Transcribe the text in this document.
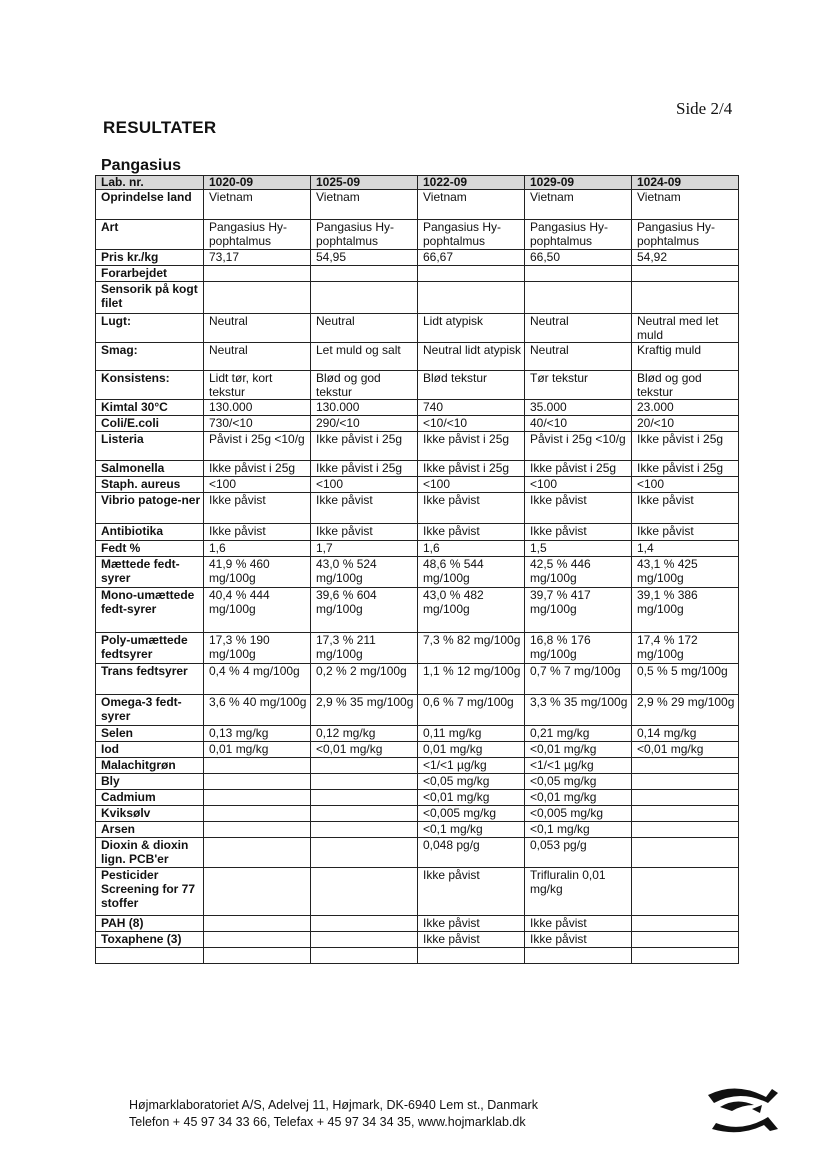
Side 2/4
RESULTATER
Pangasius
Lab. nr.	1020-09	1025-09	1022-09	1029-09	1024-09
Oprindelse land	Vietnam	Vietnam	Vietnam	Vietnam	Vietnam
Art	Pangasius Hy-pophtalmus	Pangasius Hy-pophtalmus	Pangasius Hy-pophtalmus	Pangasius Hy-pophtalmus	Pangasius Hy-pophtalmus
Pris kr./kg	73,17	54,95	66,67	66,50	54,92
Forarbejdet					
Sensorik på kogt filet					
Lugt:	Neutral	Neutral	Lidt atypisk	Neutral	Neutral med let muld
Smag:	Neutral	Let muld og salt	Neutral lidt atypisk	Neutral	Kraftig muld
Konsistens:	Lidt tør, kort tekstur	Blød og god tekstur	Blød tekstur	Tør tekstur	Blød og god tekstur
Kimtal 30°C	130.000	130.000	740	35.000	23.000
Coli/E.coli	730/<10	290/<10	<10/<10	40/<10	20/<10
Listeria	Påvist i 25g <10/g	Ikke påvist i 25g	Ikke påvist i 25g	Påvist i 25g <10/g	Ikke påvist i 25g
Salmonella	Ikke påvist i 25g	Ikke påvist i 25g	Ikke påvist i 25g	Ikke påvist i 25g	Ikke påvist i 25g
Staph. aureus	<100	<100	<100	<100	<100
Vibrio patoge-ner	Ikke påvist	Ikke påvist	Ikke påvist	Ikke påvist	Ikke påvist
Antibiotika	Ikke påvist	Ikke påvist	Ikke påvist	Ikke påvist	Ikke påvist
Fedt %	1,6	1,7	1,6	1,5	1,4
Mættede fedt-syrer	41,9 % 460 mg/100g	43,0 % 524 mg/100g	48,6 % 544 mg/100g	42,5 % 446 mg/100g	43,1 % 425 mg/100g
Mono-umættede fedt-syrer	40,4 % 444 mg/100g	39,6 % 604 mg/100g	43,0 % 482 mg/100g	39,7 % 417 mg/100g	39,1 % 386 mg/100g
Poly-umættede fedtsyrer	17,3 % 190 mg/100g	17,3 % 211 mg/100g	7,3 % 82 mg/100g	16,8 % 176 mg/100g	17,4 % 172 mg/100g
Trans fedtsyrer	0,4 % 4 mg/100g	0,2 % 2 mg/100g	1,1 % 12 mg/100g	0,7 % 7 mg/100g	0,5 % 5 mg/100g
Omega-3 fedt-syrer	3,6 % 40 mg/100g	2,9 % 35 mg/100g	0,6 % 7 mg/100g	3,3 % 35 mg/100g	2,9 % 29 mg/100g
Selen	0,13 mg/kg	0,12 mg/kg	0,11 mg/kg	0,21 mg/kg	0,14 mg/kg
Iod	0,01 mg/kg	<0,01 mg/kg	0,01 mg/kg	<0,01 mg/kg	<0,01 mg/kg
Malachitgrøn			<1/<1 µg/kg	<1/<1 µg/kg	
Bly			<0,05 mg/kg	<0,05 mg/kg	
Cadmium			<0,01 mg/kg	<0,01 mg/kg	
Kviksølv			<0,005 mg/kg	<0,005 mg/kg	
Arsen			<0,1 mg/kg	<0,1 mg/kg	
Dioxin & dioxin lign. PCB'er			0,048 pg/g	0,053 pg/g	
Pesticider Screening for 77 stoffer			Ikke påvist	Trifluralin 0,01 mg/kg	
PAH (8)			Ikke påvist	Ikke påvist	
Toxaphene (3)			Ikke påvist	Ikke påvist	

Højmarklaboratoriet A/S, Adelvej 11, Højmark, DK-6940 Lem st., Danmark
Telefon + 45 97 34 33 66, Telefax + 45 97 34 34 35, www.hojmarklab.dk
